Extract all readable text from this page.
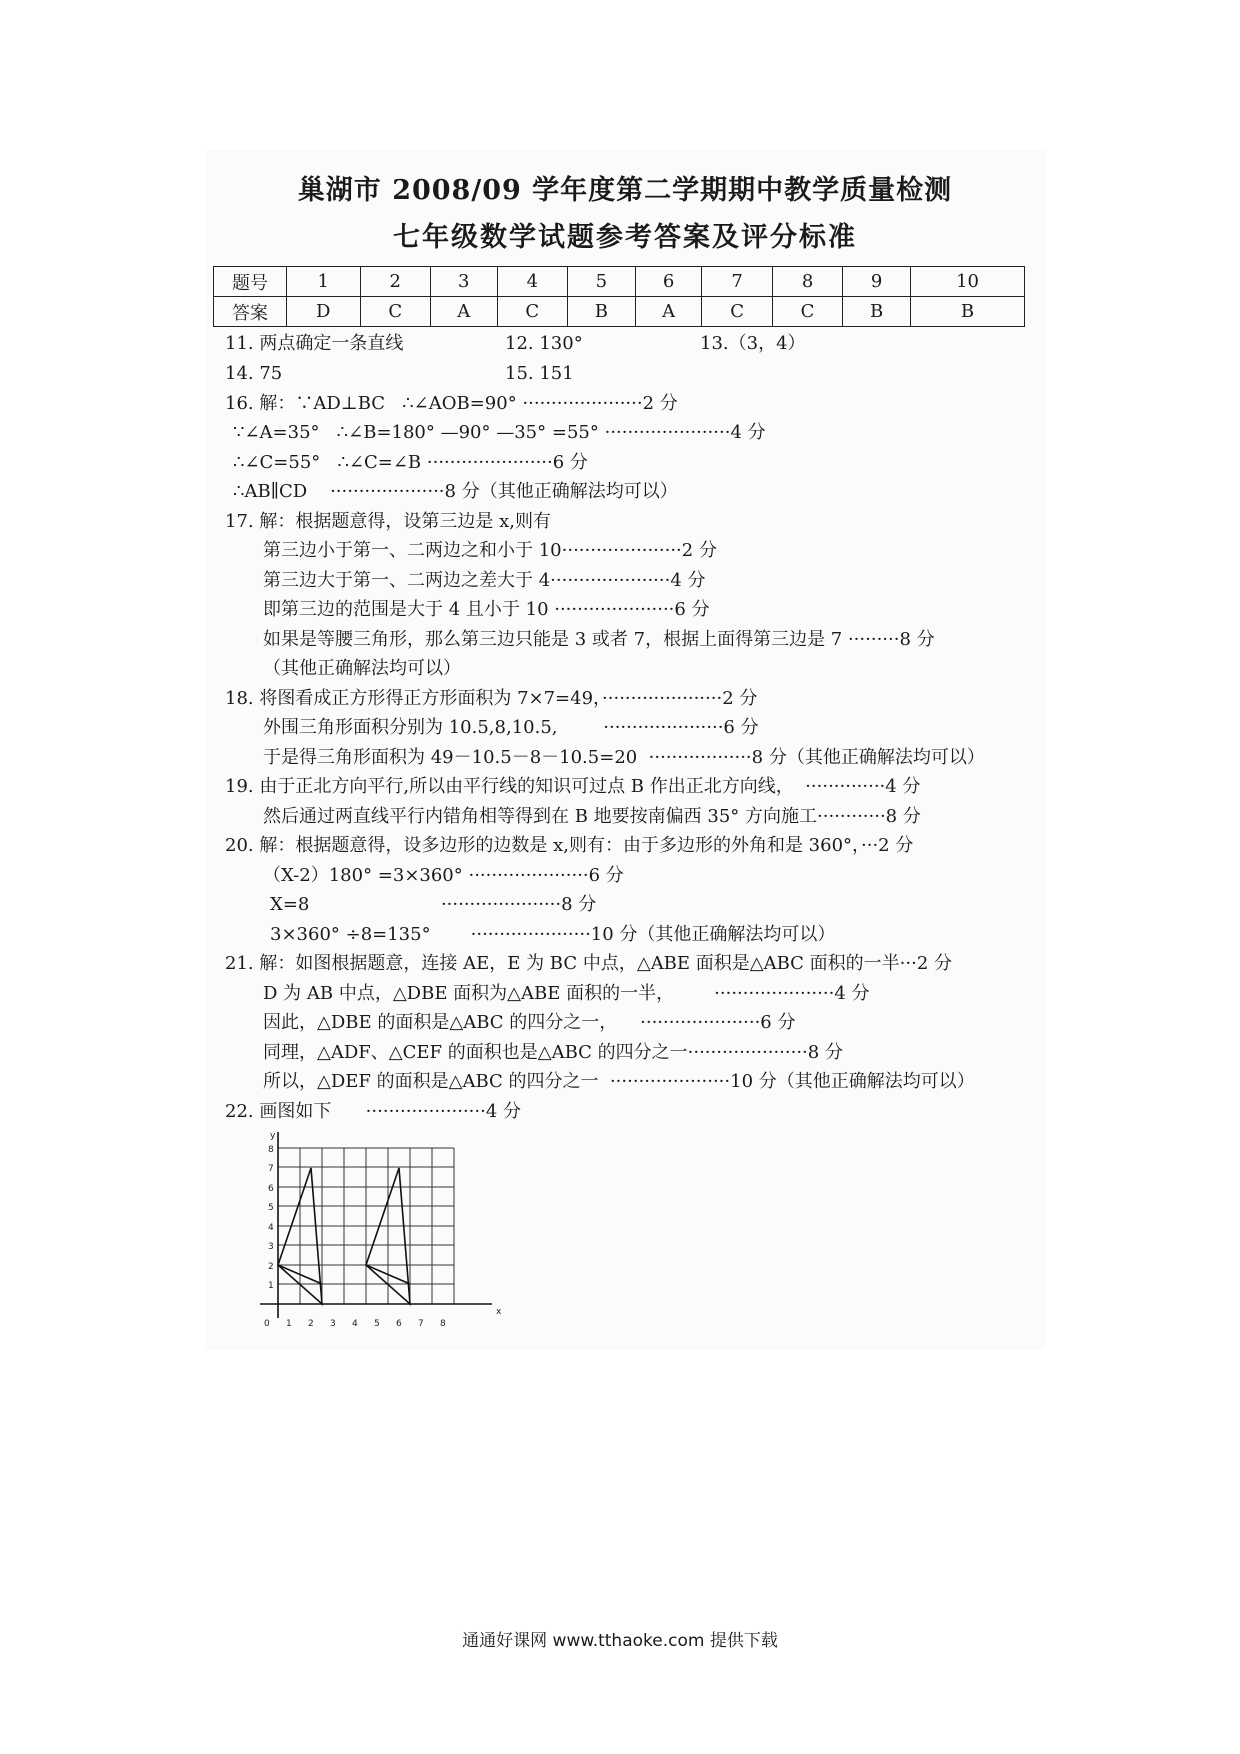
巢湖市 2008/09 学年度第二学期期中教学质量检测
七年级数学试题参考答案及评分标准
题号	1	2	3	4	5	6	7	8	9	10
答案	D	C	A	C	B	A	C	C	B	B
11. 两点确定一条直线	12. 130°	13.（3，4）
14. 75	15. 151
16. 解：∵AD⊥BC   ∴∠AOB=90° ·····················2 分
∵∠A=35°   ∴∠B=180° —90° —35° =55° ······················4 分
∴∠C=55°   ∴∠C=∠B ······················6 分
∴AB∥CD    ····················8 分（其他正确解法均可以）
17. 解：根据题意得，设第三边是 x,则有
第三边小于第一、二两边之和小于 10·····················2 分
第三边大于第一、二两边之差大于 4·····················4 分
即第三边的范围是大于 4 且小于 10 ·····················6 分
如果是等腰三角形，那么第三边只能是 3 或者 7，根据上面得第三边是 7 ·········8 分
（其他正确解法均可以）
18. 将图看成正方形得正方形面积为 7×7=49，·····················2 分
外围三角形面积分别为 10.5,8,10.5,        ·····················6 分
于是得三角形面积为 49－10.5－8－10.5=20  ··················8 分（其他正确解法均可以）
19. 由于正北方向平行,所以由平行线的知识可过点 B 作出正北方向线，  ··············4 分
然后通过两直线平行内错角相等得到在 B 地要按南偏西 35° 方向施工············8 分
20. 解：根据题意得，设多边形的边数是 x,则有：由于多边形的外角和是 360°，···2 分
（X-2）180° =3×360° ·····················6 分
X=8                       ·····················8 分
3×360° ÷8=135°       ·····················10 分（其他正确解法均可以）
21. 解：如图根据题意，连接 AE，E 为 BC 中点，△ABE 面积是△ABC 面积的一半···2 分
D 为 AB 中点，△DBE 面积为△ABE 面积的一半，       ·····················4 分
因此，△DBE 的面积是△ABC 的四分之一，    ·····················6 分
同理，△ADF、△CEF 的面积也是△ABC 的四分之一·····················8 分
所以，△DEF 的面积是△ABC 的四分之一  ·····················10 分（其他正确解法均可以）
22. 画图如下      ·····················4 分
y
x
0 1 2 3 4 5 6 7 8
1
2
3
4
5
6
7
8
通通好课网 www.tthaoke.com 提供下载
